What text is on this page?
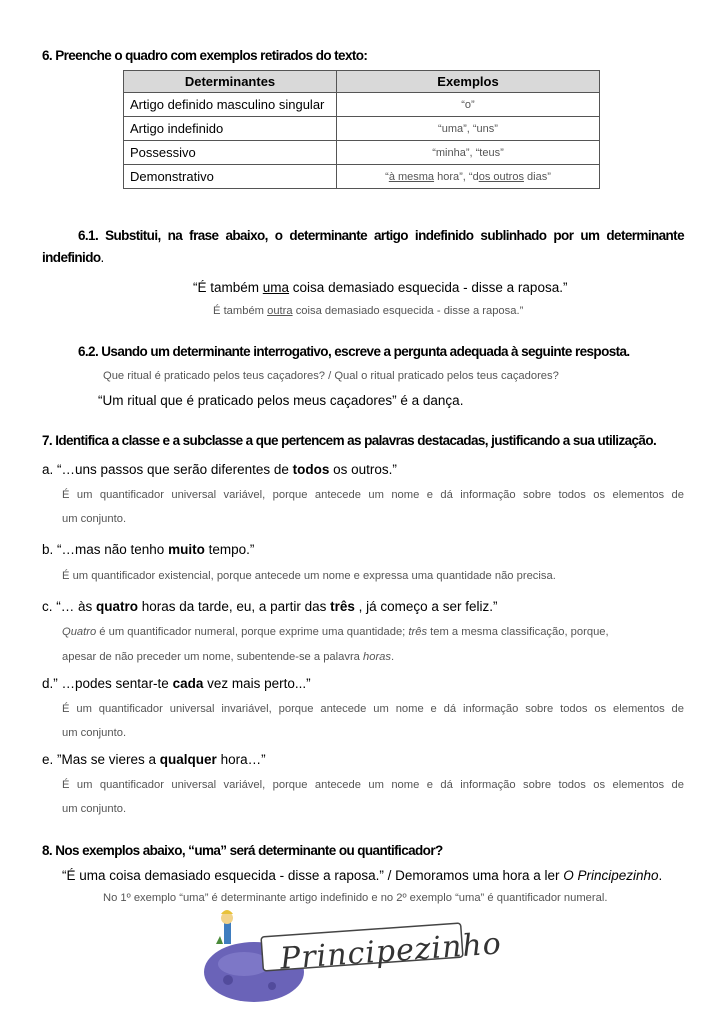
6. Preenche o quadro com exemplos retirados do texto:
Determinantes	Exemplos
Artigo definido masculino singular	“o”
Artigo indefinido	“uma”, “uns”
Possessivo	“minha”, “teus”
Demonstrativo	“à mesma hora”, “dos outros dias”
6.1. Substitui, na frase abaixo, o determinante artigo indefinido sublinhado por um determinante
indefinido.
“É também uma coisa demasiado esquecida - disse a raposa.”
É também outra coisa demasiado esquecida - disse a raposa.”
6.2. Usando um determinante interrogativo, escreve a pergunta adequada à seguinte resposta.
Que ritual é praticado pelos teus caçadores? / Qual o ritual praticado pelos teus caçadores?
“Um ritual que é praticado pelos meus caçadores” é a dança.
7. Identifica a classe e a subclasse a que pertencem as palavras destacadas, justificando a sua utilização.
a. “…uns passos que serão diferentes de todos os outros.”
É um quantificador universal variável, porque antecede um nome e dá informação sobre todos os elementos de
um conjunto.
b. “…mas não tenho muito tempo.”
É um quantificador existencial, porque antecede um nome e expressa uma quantidade não precisa.
c. “… às quatro horas da tarde, eu, a partir das três , já começo a ser feliz.”
Quatro é um quantificador numeral, porque exprime uma quantidade; três tem a mesma classificação, porque,
apesar de não preceder um nome, subentende-se a palavra horas.
d.” …podes sentar-te cada vez mais perto...”
É um quantificador universal invariável, porque antecede um nome e dá informação sobre todos os elementos de
um conjunto.
e. ”Mas se vieres a qualquer hora…”
É um quantificador universal variável, porque antecede um nome e dá informação sobre todos os elementos de
um conjunto.
8. Nos exemplos abaixo, “uma” será determinante ou quantificador?
“É uma coisa demasiado esquecida - disse a raposa.” / Demoramos uma hora a ler O Principezinho.
No 1º exemplo “uma” é determinante artigo indefinido e no 2º exemplo “uma” é quantificador numeral.
Principezinho
